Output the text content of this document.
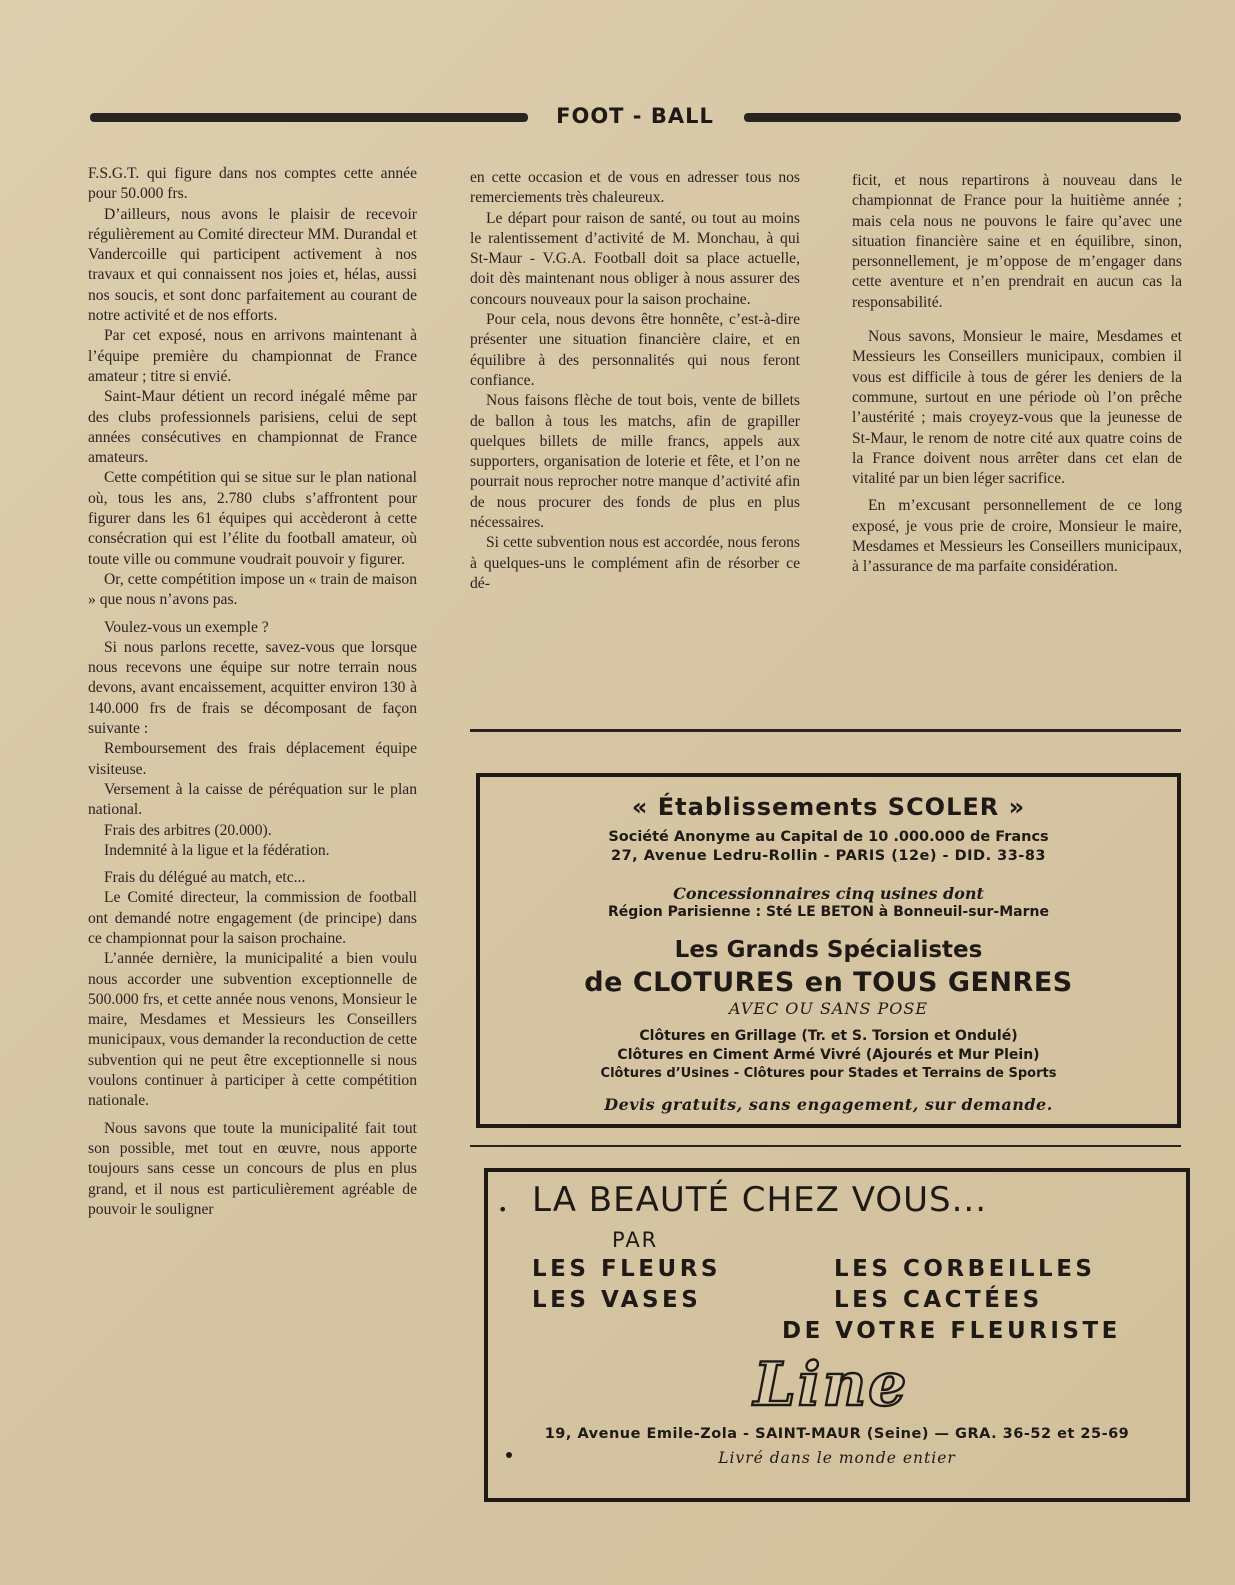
FOOT - BALL

F.S.G.T. qui figure dans nos comptes cette année pour 50.000 frs.

D’ailleurs, nous avons le plaisir de recevoir régulièrement au Comité directeur MM. Durandal et Vandercoille qui participent activement à nos travaux et qui connaissent nos joies et, hélas, aussi nos soucis, et sont donc parfaitement au courant de notre activité et de nos efforts.

Par cet exposé, nous en arrivons maintenant à l’équipe première du championnat de France amateur ; titre si envié.

Saint-Maur détient un record inégalé même par des clubs professionnels parisiens, celui de sept années consécutives en championnat de France amateurs.

Cette compétition qui se situe sur le plan national où, tous les ans, 2.780 clubs s’affrontent pour figurer dans les 61 équipes qui accèderont à cette consécration qui est l’élite du football amateur, où toute ville ou commune voudrait pouvoir y figurer.

Or, cette compétition impose un « train de maison » que nous n’avons pas.

Voulez-vous un exemple ?

Si nous parlons recette, savez-vous que lorsque nous recevons une équipe sur notre terrain nous devons, avant encaissement, acquitter environ 130 à 140.000 frs de frais se décomposant de façon suivante :

Remboursement des frais déplacement équipe visiteuse.

Versement à la caisse de péréquation sur le plan national.

Frais des arbitres (20.000).

Indemnité à la ligue et la fédération.

Frais du délégué au match, etc...

Le Comité directeur, la commission de football ont demandé notre engagement (de principe) dans ce championnat pour la saison prochaine.

L’année dernière, la municipalité a bien voulu nous accorder une subvention exceptionnelle de 500.000 frs, et cette année nous venons, Monsieur le maire, Mesdames et Messieurs les Conseillers municipaux, vous demander la reconduction de cette subvention qui ne peut être exceptionnelle si nous voulons continuer à participer à cette compétition nationale.

Nous savons que toute la municipalité fait tout son possible, met tout en œuvre, nous apporte toujours sans cesse un concours de plus en plus grand, et il nous est particulièrement agréable de pouvoir le souligner

en cette occasion et de vous en adresser tous nos remerciements très chaleureux.

Le départ pour raison de santé, ou tout au moins le ralentissement d’activité de M. Monchau, à qui St-Maur - V.G.A. Football doit sa place actuelle, doit dès maintenant nous obliger à nous assurer des concours nouveaux pour la saison prochaine.

Pour cela, nous devons être honnête, c’est-à-dire présenter une situation financière claire, et en équilibre à des personnalités qui nous feront confiance.

Nous faisons flèche de tout bois, vente de billets de ballon à tous les matchs, afin de grapiller quelques billets de mille francs, appels aux supporters, organisation de loterie et fête, et l’on ne pourrait nous reprocher notre manque d’activité afin de nous procurer des fonds de plus en plus nécessaires.

Si cette subvention nous est accordée, nous ferons à quelques-uns le complément afin de résorber ce dé-

ficit, et nous repartirons à nouveau dans le championnat de France pour la huitième année ; mais cela nous ne pouvons le faire qu’avec une situation financière saine et en équilibre, sinon, personnellement, je m’oppose de m’engager dans cette aventure et n’en prendrait en aucun cas la responsabilité.

Nous savons, Monsieur le maire, Mesdames et Messieurs les Conseillers municipaux, combien il vous est difficile à tous de gérer les deniers de la commune, surtout en une période où l’on prêche l’austérité ; mais croyeyz-vous que la jeunesse de St-Maur, le renom de notre cité aux quatre coins de la France doivent nous arrêter dans cet elan de vitalité par un bien léger sacrifice.

En m’excusant personnellement de ce long exposé, je vous prie de croire, Monsieur le maire, Mesdames et Messieurs les Conseillers municipaux, à l’assurance de ma parfaite considération.

« Établissements SCOLER »
Société Anonyme au Capital de 10 .000.000 de Francs
27, Avenue Ledru-Rollin - PARIS (12e) - DID. 33-83
Concessionnaires cinq usines dont
Région Parisienne : Sté LE BETON à Bonneuil-sur-Marne
Les Grands Spécialistes
de CLOTURES en TOUS GENRES
AVEC OU SANS POSE
Clôtures en Grillage (Tr. et S. Torsion et Ondulé)
Clôtures en Ciment Armé Vivré (Ajourés et Mur Plein)
Clôtures d’Usines - Clôtures pour Stades et Terrains de Sports
Devis gratuits, sans engagement, sur demande.
• LA BEAUTÉ CHEZ VOUS...
PAR
LES FLEURS
LES VASES
LES CORBEILLES
LES CACTÉES
DE VOTRE FLEURISTE
Line
19, Avenue Emile-Zola - SAINT-MAUR (Seine) — GRA. 36-52 et 25-69
Livré dans le monde entier
